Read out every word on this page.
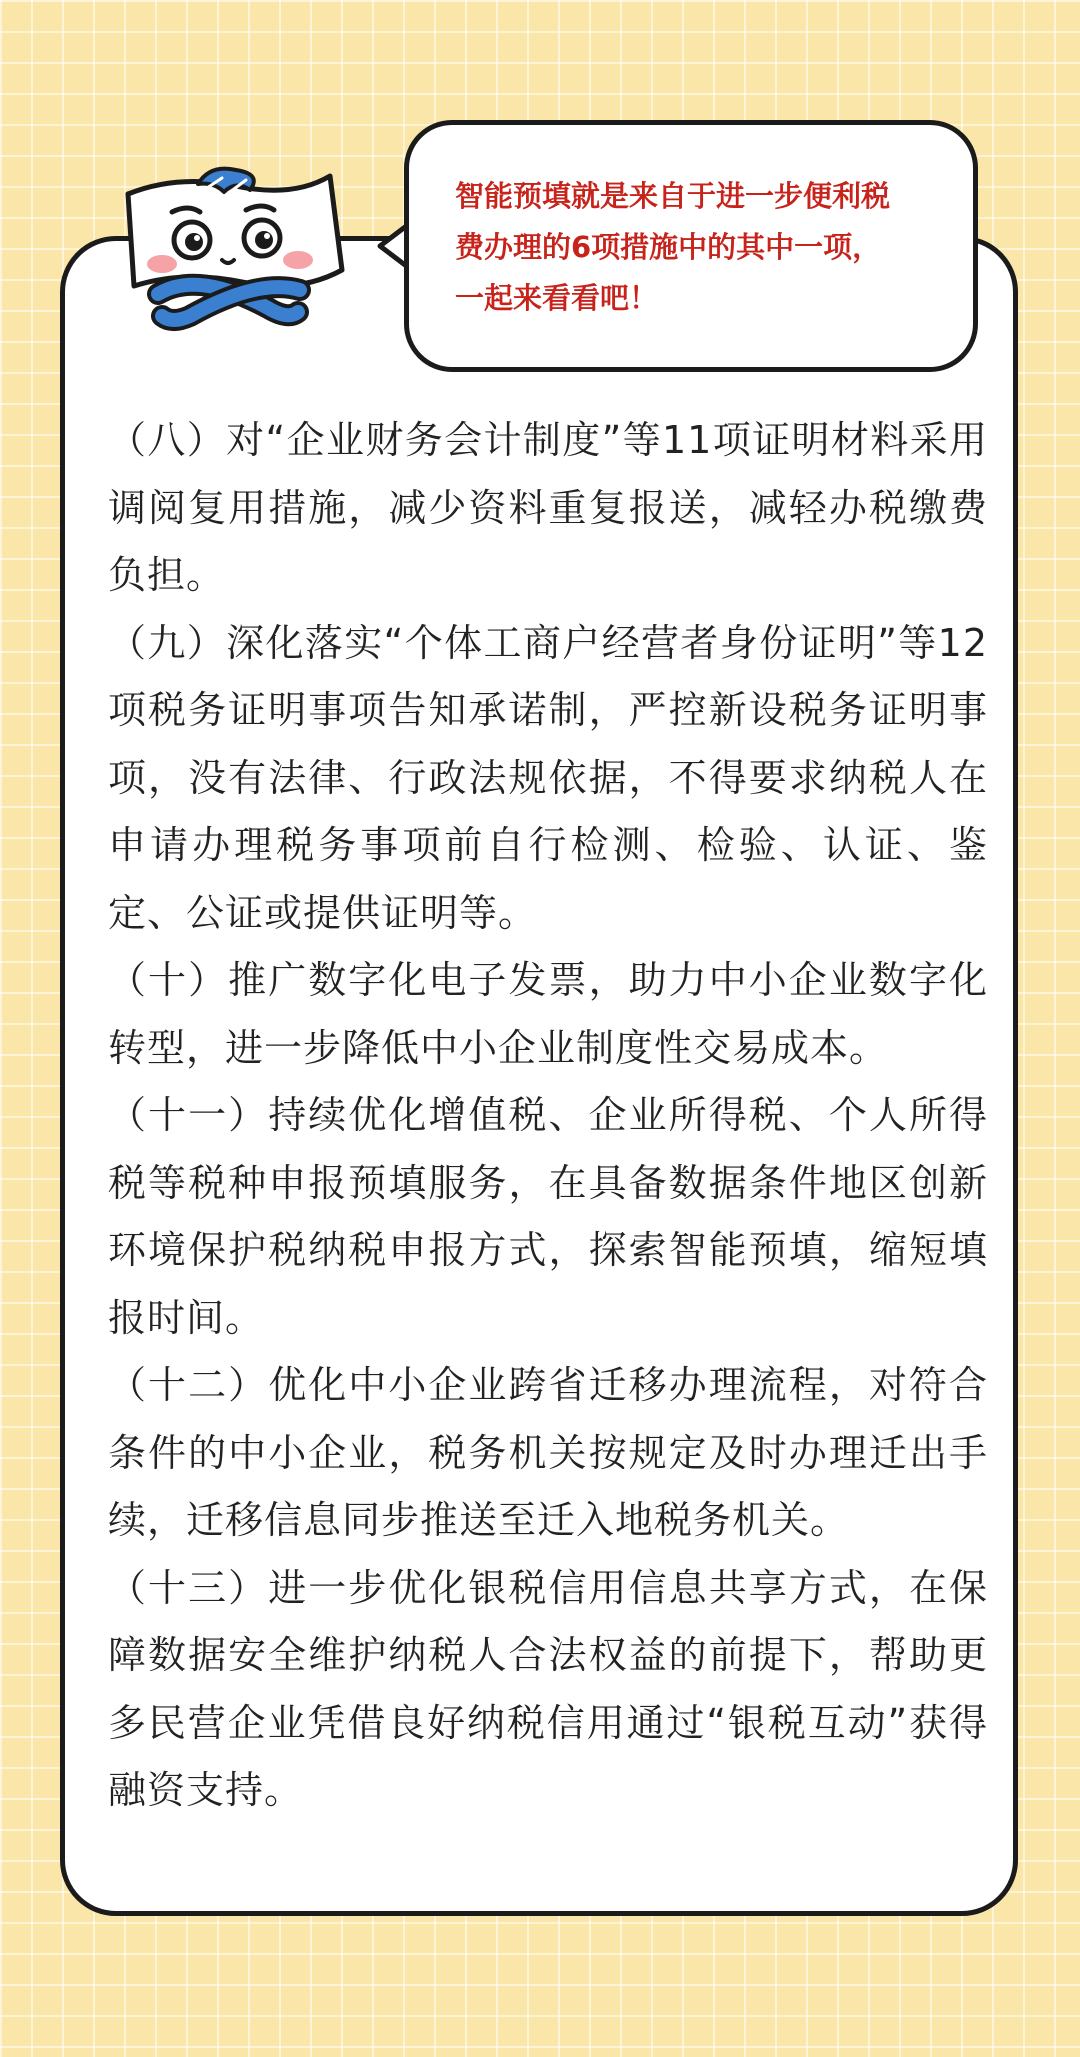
智能预填就是来自于进一步便利税
费办理的6项措施中的其中一项，
一起来看看吧！

（八）对“企业财务会计制度”等11项证明材料采用调阅复用措施，减少资料重复报送，减轻办税缴费负担。

（九）深化落实“个体工商户经营者身份证明”等12项税务证明事项告知承诺制，严控新设税务证明事项，没有法律、行政法规依据，不得要求纳税人在申请办理税务事项前自行检测、检验、认证、鉴定、公证或提供证明等。

（十）推广数字化电子发票，助力中小企业数字化转型，进一步降低中小企业制度性交易成本。

（十一）持续优化增值税、企业所得税、个人所得税等税种申报预填服务，在具备数据条件地区创新环境保护税纳税申报方式，探索智能预填，缩短填报时间。

（十二）优化中小企业跨省迁移办理流程，对符合条件的中小企业，税务机关按规定及时办理迁出手续，迁移信息同步推送至迁入地税务机关。

（十三）进一步优化银税信用信息共享方式，在保障数据安全维护纳税人合法权益的前提下，帮助更多民营企业凭借良好纳税信用通过“银税互动”获得融资支持。
